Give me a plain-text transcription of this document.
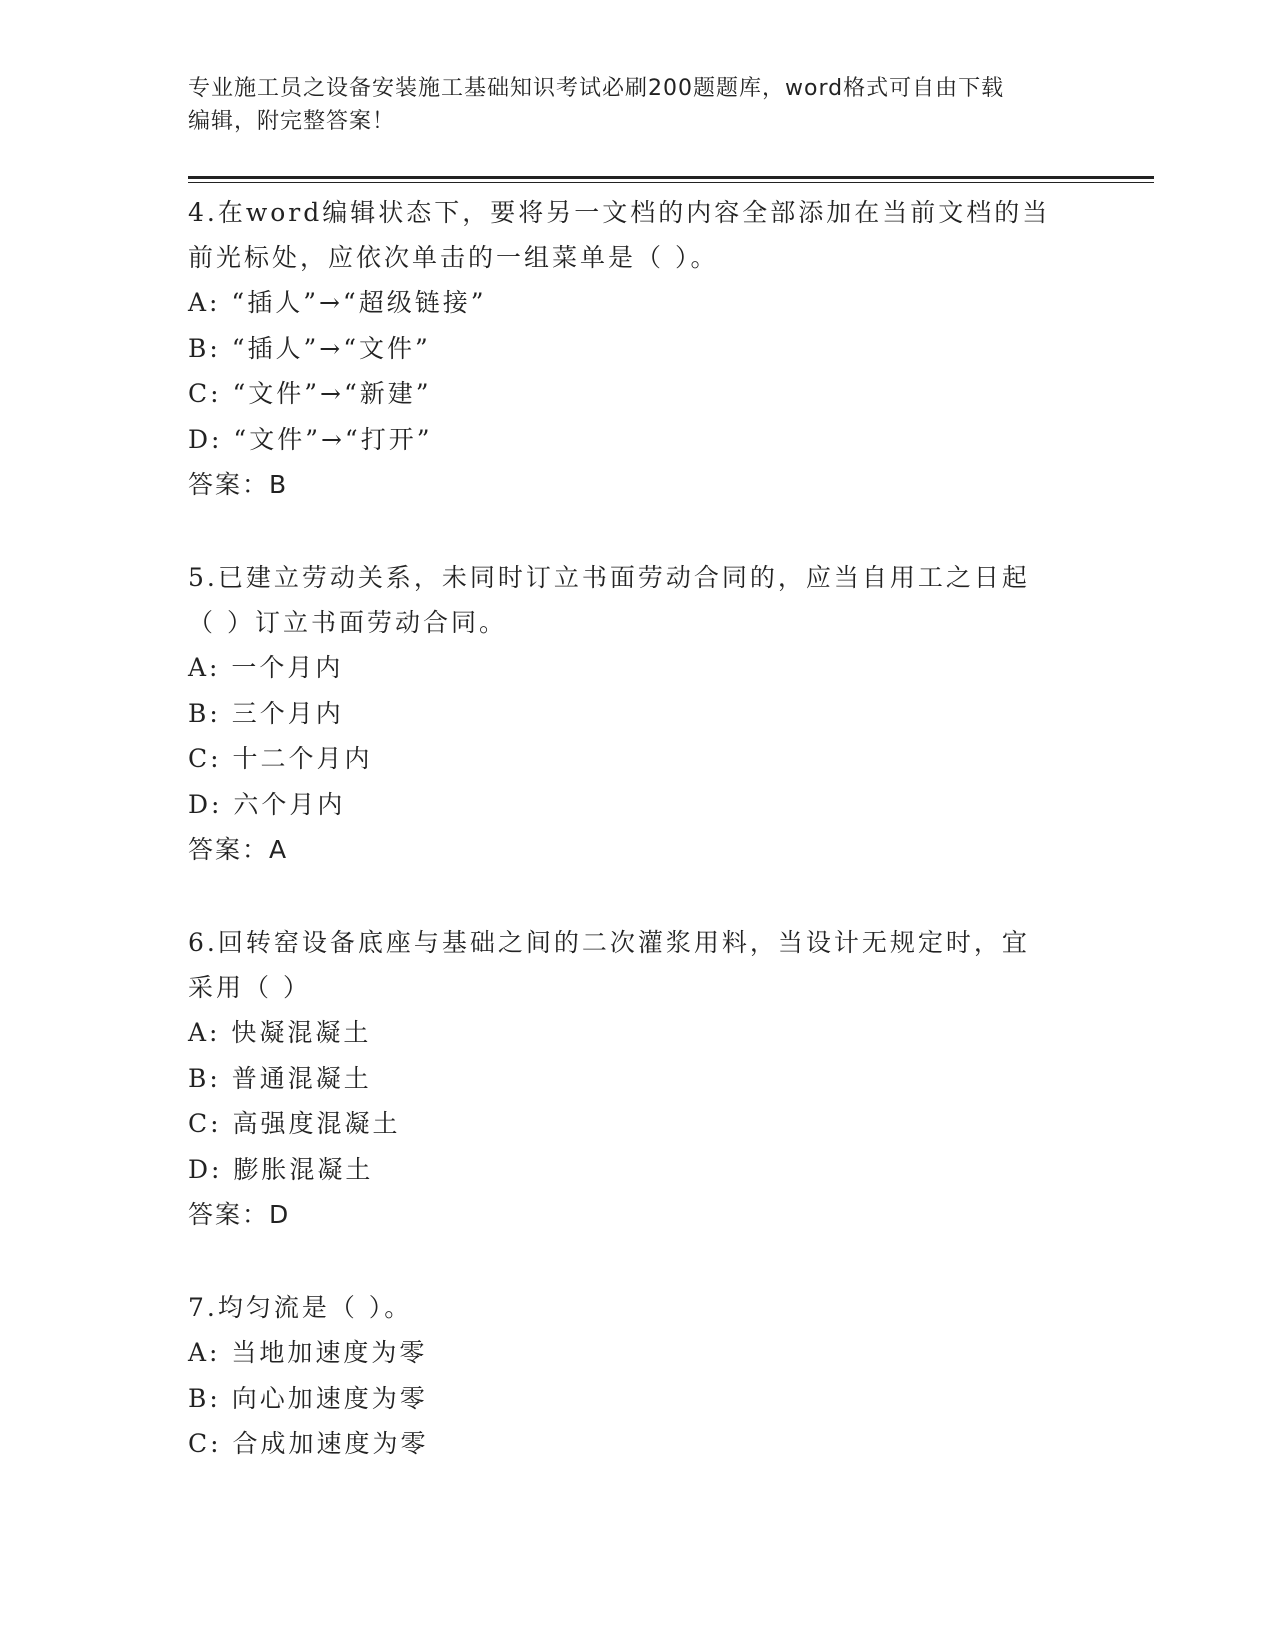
专业施工员之设备安装施工基础知识考试必刷200题题库，word格式可自由下载
编辑，附完整答案！

4.在word编辑状态下，要将另一文档的内容全部添加在当前文档的当

前光标处，应依次单击的一组菜单是（ ）。

A: “插人”→“超级链接”

B: “插人”→“文件”

C: “文件”→“新建”

D: “文件”→“打开”

答案：B

5.已建立劳动关系，未同时订立书面劳动合同的，应当自用工之日起

（ ）订立书面劳动合同。

A: 一个月内

B: 三个月内

C: 十二个月内

D: 六个月内

答案：A

6.回转窑设备底座与基础之间的二次灌浆用料，当设计无规定时，宜

采用（ ）

A: 快凝混凝土

B: 普通混凝土

C: 高强度混凝土

D: 膨胀混凝土

答案：D

7.均匀流是（ ）。

A: 当地加速度为零

B: 向心加速度为零

C: 合成加速度为零
